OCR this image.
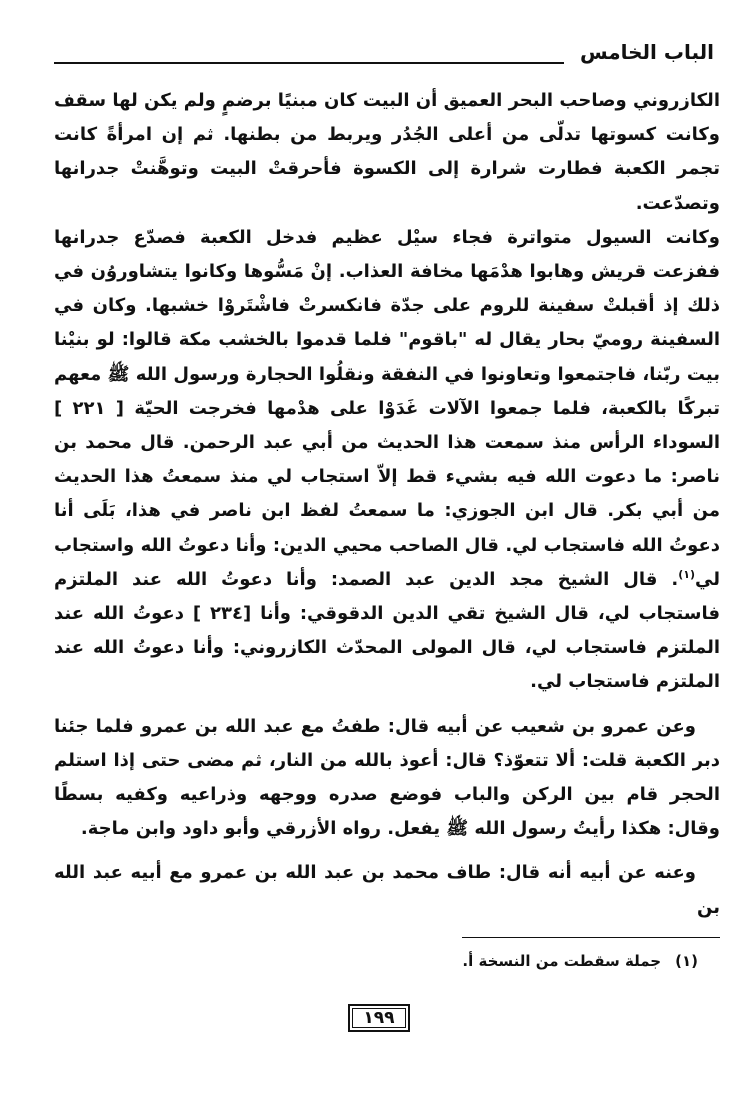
الباب الخامس

الكازروني وصاحب البحر العميق أن البيت كان مبنيًا برضمٍ ولم يكن لها سقف وكانت كسوتها تدلّى من أعلى الجُدُر ويربط من بطنها. ثم إن امرأةً كانت تجمر الكعبة فطارت شرارة إلى الكسوة فأحرقتْ البيت وتوهَّنتْ جدرانها وتصدّعت.

وكانت السيول متواترة فجاء سيْل عظيم فدخل الكعبة فصدّع جدرانها ففزعت قريش وهابوا هدْمَها مخافة العذاب. إنْ مَسُّوها وكانوا يتشاوروُن في ذلك إذ أقبلتْ سفينة للروم على جدّة فانكسرتْ فاشْتَروْا خشبها. وكان في السفينة روميّ بحار يقال له "باقوم" فلما قدموا بالخشب مكة قالوا: لو بنيْنا بيت ربّنا، فاجتمعوا وتعاونوا في النفقة ونقلُوا الحجارة ورسول الله ﷺ معهم تبركًا بالكعبة، فلما جمعوا الآلات غَدَوْا على هدْمها فخرجت الحيّة [ ٢٢١ ] السوداء الرأس منذ سمعت هذا الحديث من أبي عبد الرحمن. قال محمد بن ناصر: ما دعوت الله فيه بشيء قط إلاّ استجاب لي منذ سمعتُ هذا الحديث من أبي بكر. قال ابن الجوزي: ما سمعتُ لفظ ابن ناصر في هذا، بَلَى أنا دعوتُ الله فاستجاب لي. قال الصاحب محيي الدين: وأنا دعوتُ الله واستجاب لي$^{(١)}$. قال الشيخ مجد الدين عبد الصمد: وأنا دعوتُ الله عند الملتزم فاستجاب لي، قال الشيخ تقي الدين الدقوقي: وأنا [٢٣٤ ] دعوتُ الله عند الملتزم فاستجاب لي، قال المولى المحدّث الكازروني: وأنا دعوتُ الله عند الملتزم فاستجاب لي.

وعن عمرو بن شعيب عن أبيه قال: طفتُ مع عبد الله بن عمرو فلما جئنا دبر الكعبة قلت: ألا تتعوّذ؟ قال: أعوذ بالله من النار، ثم مضى حتى إذا استلم الحجر قام بين الركن والباب فوضع صدره ووجهه وذراعيه وكفيه بسطًا وقال: هكذا رأيتُ رسول الله ﷺ يفعل. رواه الأزرقي وأبو داود وابن ماجة.

وعنه عن أبيه أنه قال: طاف محمد بن عبد الله بن عمرو مع أبيه عبد الله بن

(١)جملة سقطت من النسخة أ.
١٩٩
